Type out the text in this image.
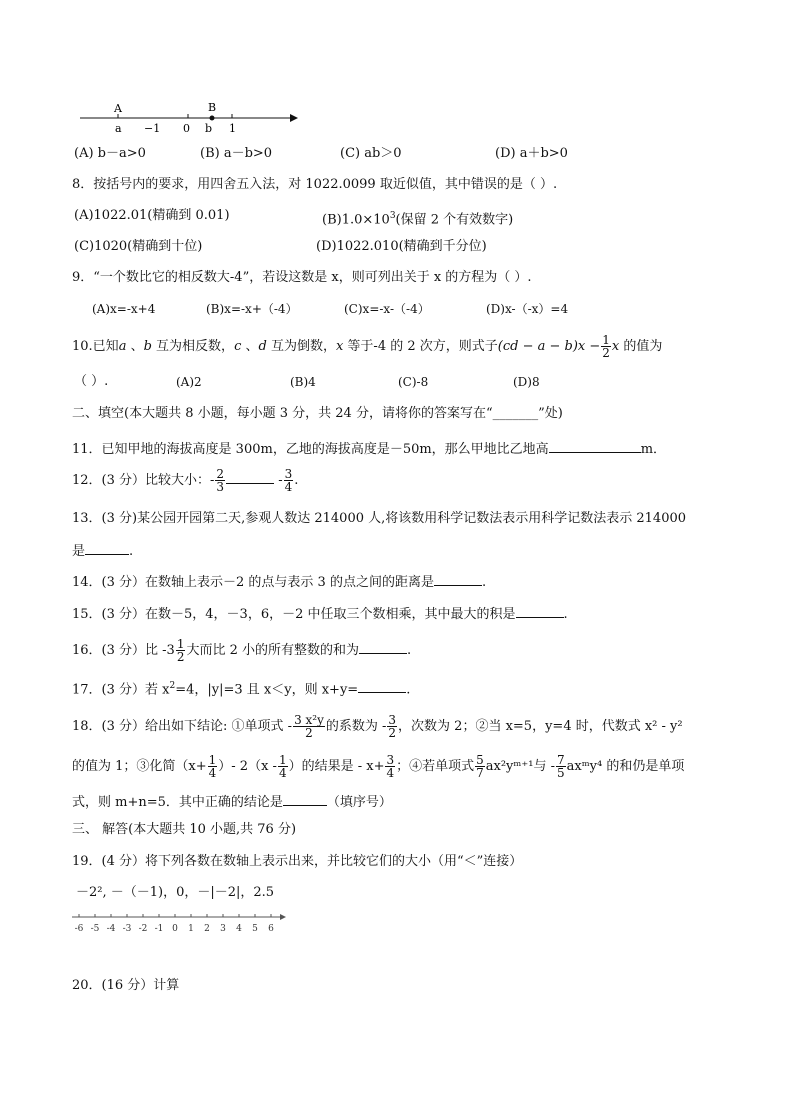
A	B
a −1 0 b 1
(A) b－a>0	(B) a－b>0	(C) ab＞0	(D) a＋b>0
8．按括号内的要求，用四舍五入法，对 1022.0099 取近似值，其中错误的是（ ）.
(A)1022.01(精确到 0.01)	$(B)1.0\times 10^3$(保留 2 个有效数字)
(C)1020(精确到十位)	(D)1022.010(精确到千分位)
9．“一个数比它的相反数大-4”，若设这数是 x，则可列出关于 x 的方程为（ ）.
(A)x=-x+4	(B)x=-x+（-4）	(C)x=-x-（-4）	(D)x-（-x）=4
10.已知a 、b 互为相反数，c 、d 互为倒数，x 等于-4 的 2 次方，则式子$(cd - a - b)x - \frac{1}{2}$ x 的值为
（ ）.	(A)2	(B)4	(C)-8	(D)8
二、填空(本大题共 8 小题，每小题 3 分，共 24 分，请将你的答案写在“_______”处)
11．已知甲地的海拔高度是 300m，乙地的海拔高度是－50m，那么甲地比乙地高	m．
12．(3 分）比较大小：- $\frac{2}{3}$	- $\frac{3}{4}$ .
13．(3 分)某公园开园第二天,参观人数达 214000 人,将该数用科学记数法表示用科学记数法表示 214000
是	.
14．(3 分）在数轴上表示－2 的点与表示 3 的点之间的距离是	.
15．(3 分）在数－5，4，－3，6，－2 中任取三个数相乘，其中最大的积是	.
16．(3 分）比 $-3 \frac{1}{2}$ 大而比 2 小的所有整数的和为	.
17．(3 分）若 $x^2=4$，|y|=3 且 x＜y，则 x+y=	.
18．(3 分）给出如下结论: ①单项式 - $\frac{\text{3 x²y}}{2}$ 的系数为 - $\frac{3}{2}$ ，次数为 2；②当 x=5，y=4 时，代数式 x² - y²
的值为 1；③化简（$x+ \frac{1}{4}$ ）- $2(x - \frac{1}{4}$ ）的结果是 - $x+ \frac{3}{4}$ ；④若单项式 $\frac{5}{7}$ ax²yᵐ⁺¹与 - $\frac{7}{5}$ axᵐy⁴ 的和仍是单项
式，则 m+n=5．其中正确的结论是	（填序号）
三、 解答(本大题共 10 小题,共 76 分)
19．(4 分）将下列各数在数轴上表示出来，并比较它们的大小（用“＜”连接）
－2², －（－1)，0，－|－2|，2.5
-6 -5 -4 -3 -2 -1 0 1 2 3 4 5 6
20．(16 分）计算
